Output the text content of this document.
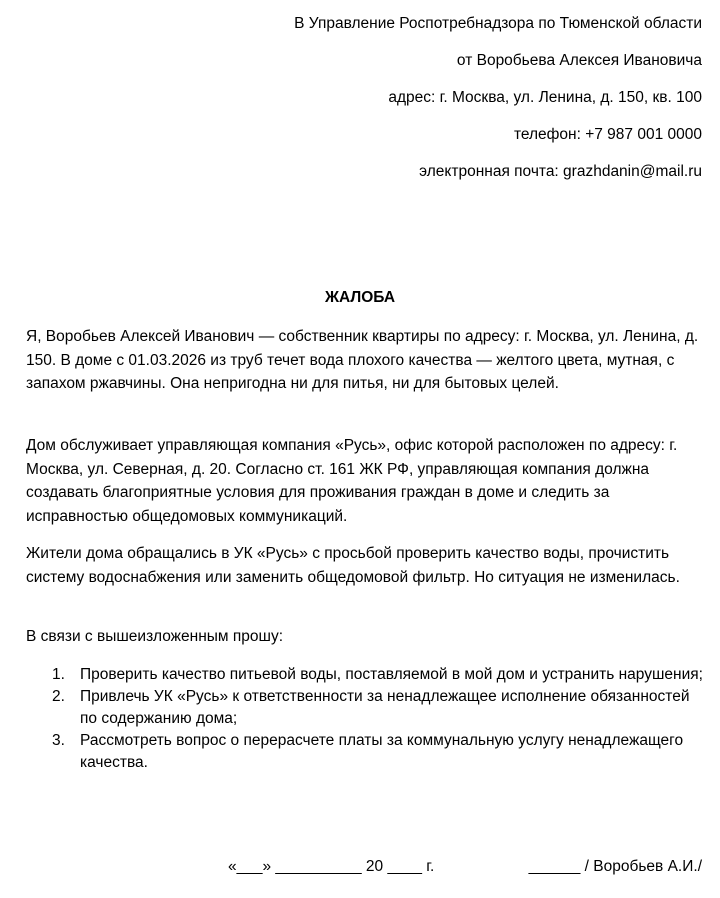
В Управление Роспотребнадзора по Тюменской области
от Воробьева Алексея Ивановича
адрес: г. Москва, ул. Ленина, д. 150, кв. 100
телефон: +7 987 001 0000
электронная почта: grazhdanin@mail.ru
ЖАЛОБА
Я, Воробьев Алексей Иванович — собственник квартиры по адресу: г. Москва, ул. Ленина, д. 150. В доме с 01.03.2026 из труб течет вода плохого качества — желтого цвета, мутная, с запахом ржавчины. Она непригодна ни для питья, ни для бытовых целей.
Дом обслуживает управляющая компания «Русь», офис которой расположен по адресу: г. Москва, ул. Северная, д. 20. Согласно ст. 161 ЖК РФ, управляющая компания должна создавать благоприятные условия для проживания граждан в доме и следить за исправностью общедомовых коммуникаций.
Жители дома обращались в УК «Русь» с просьбой проверить качество воды, прочистить систему водоснабжения или заменить общедомовой фильтр. Но ситуация не изменилась.
В связи с вышеизложенным прошу:
1. Проверить качество питьевой воды, поставляемой в мой дом и устранить нарушения;
2. Привлечь УК «Русь» к ответственности за ненадлежащее исполнение обязанностей по содержанию дома;
3. Рассмотреть вопрос о перерасчете платы за коммунальную услугу ненадлежащего качества.
«___» __________ 20 ____ г.	______ / Воробьев А.И./
